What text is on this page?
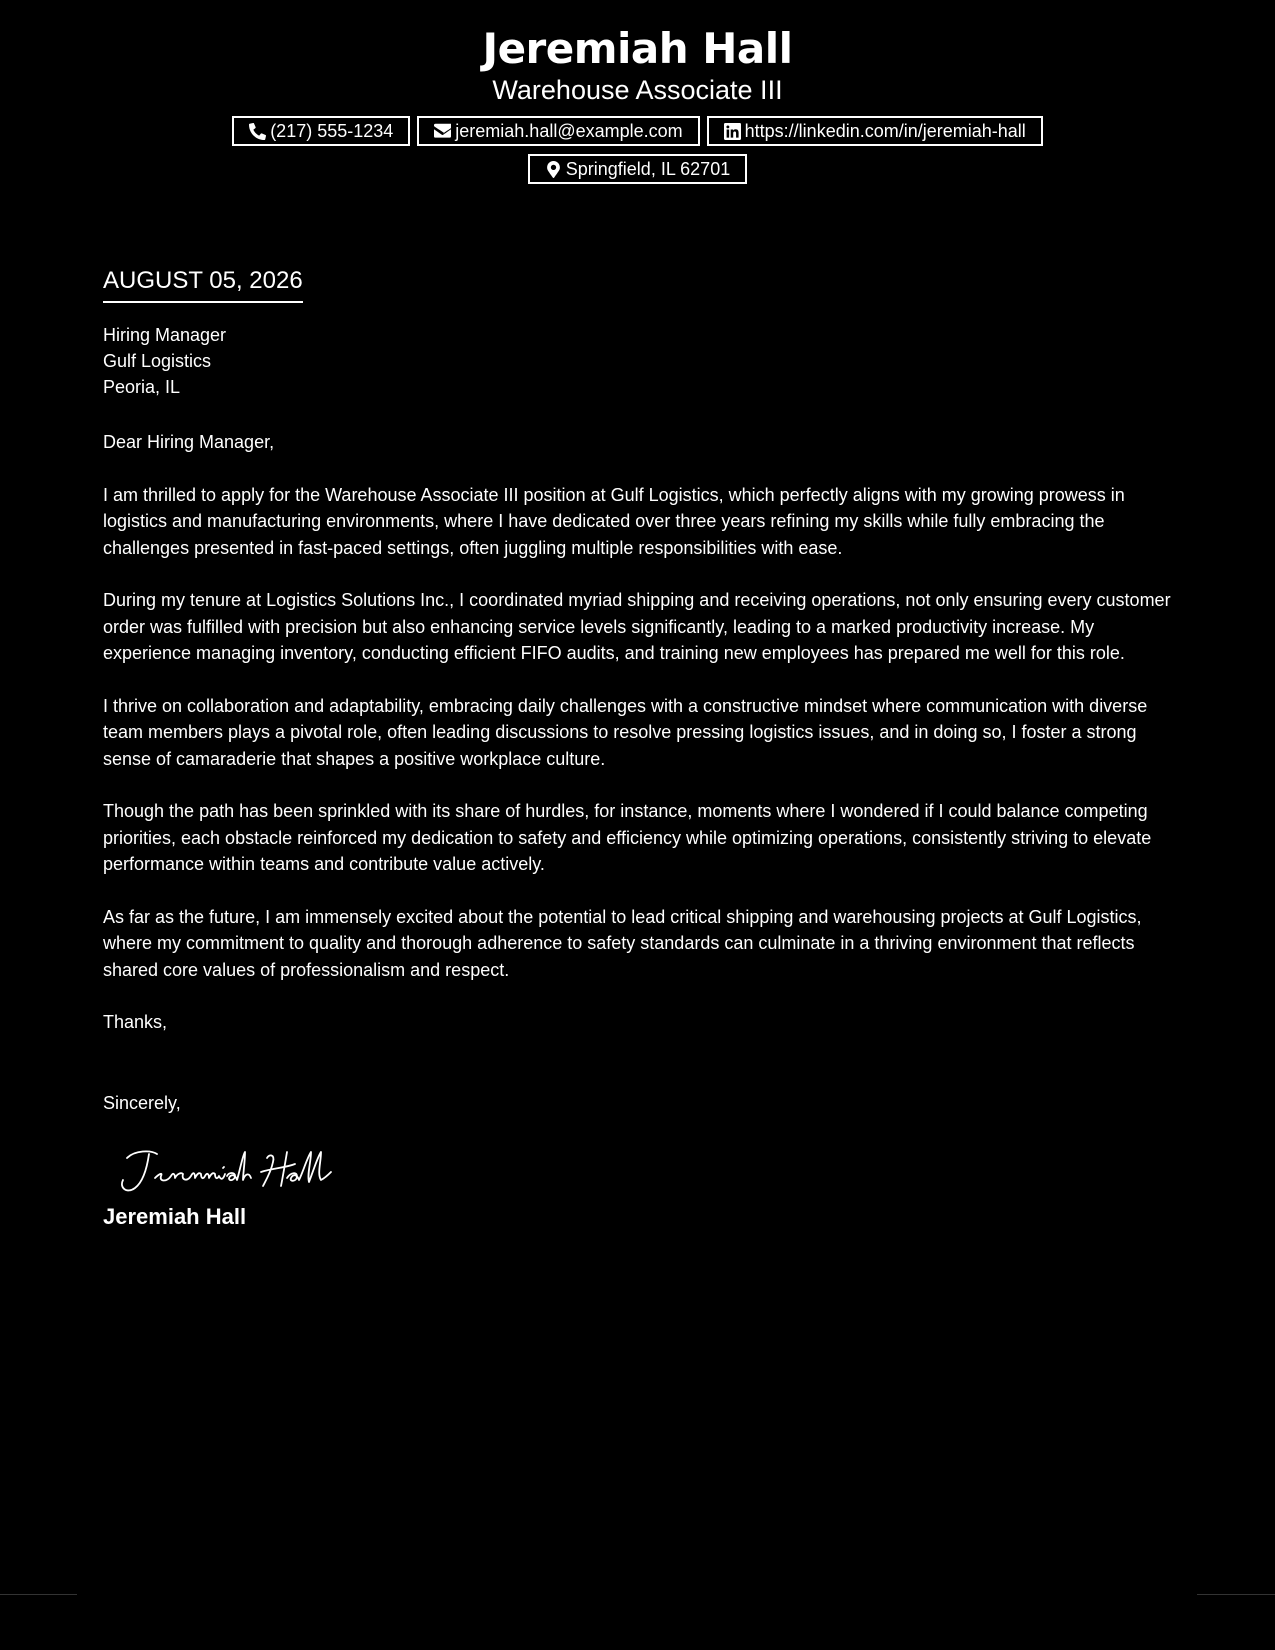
Jeremiah Hall
Warehouse Associate III
(217) 555-1234	jeremiah.hall@example.com	https://linkedin.com/in/jeremiah-hall
Springfield, IL 62701
AUGUST 05, 2026
Hiring Manager
Gulf Logistics
Peoria, IL
Dear Hiring Manager,

I am thrilled to apply for the Warehouse Associate III position at Gulf Logistics, which perfectly aligns with my growing prowess in logistics and manufacturing environments, where I have dedicated over three years refining my skills while fully embracing the challenges presented in fast-paced settings, often juggling multiple responsibilities with ease.

During my tenure at Logistics Solutions Inc., I coordinated myriad shipping and receiving operations, not only ensuring every customer order was fulfilled with precision but also enhancing service levels significantly, leading to a marked productivity increase. My experience managing inventory, conducting efficient FIFO audits, and training new employees has prepared me well for this role.

I thrive on collaboration and adaptability, embracing daily challenges with a constructive mindset where communication with diverse team members plays a pivotal role, often leading discussions to resolve pressing logistics issues, and in doing so, I foster a strong sense of camaraderie that shapes a positive workplace culture.

Though the path has been sprinkled with its share of hurdles, for instance, moments where I wondered if I could balance competing priorities, each obstacle reinforced my dedication to safety and efficiency while optimizing operations, consistently striving to elevate performance within teams and contribute value actively.

As far as the future, I am immensely excited about the potential to lead critical shipping and warehousing projects at Gulf Logistics, where my commitment to quality and thorough adherence to safety standards can culminate in a thriving environment that reflects shared core values of professionalism and respect.

Thanks,
Sincerely,
Jeremiah Hall
